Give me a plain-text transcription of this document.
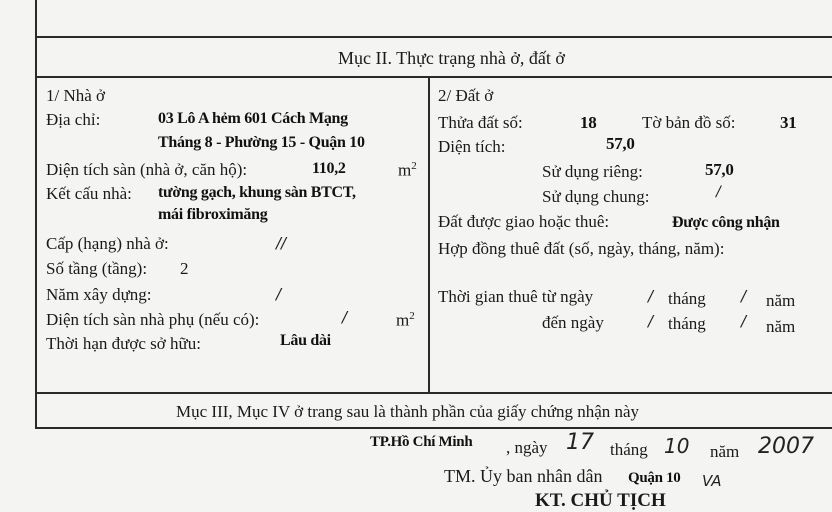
Mục II. Thực trạng nhà ở, đất ở
1/ Nhà ở
Địa chỉ:	03 Lô A hẻm 601 Cách Mạng
Tháng 8 - Phường 15 - Quận 10
Diện tích sàn (nhà ở, căn hộ):	110,2	$m^2$
Kết cấu nhà: tường gạch, khung sàn BTCT,
mái fibroximăng
Cấp (hạng) nhà ở:	//
Số tầng (tầng): 2
Năm xây dựng:	/
Diện tích sàn nhà phụ (nếu có):	/	$m^2$
Thời hạn được sở hữu:	Lâu dài
2/ Đất ở
Thửa đất số:	18	Tờ bản đồ số:	31
Diện tích:	57,0
Sử dụng riêng:	57,0
Sử dụng chung:	/
Đất được giao hoặc thuê:	Được công nhận
Hợp đồng thuê đất (số, ngày, tháng, năm):
Thời gian thuê từ ngày	/ tháng / năm
đến ngày	/ tháng / năm
Mục III, Mục IV ở trang sau là thành phần của giấy chứng nhận này
TP.Hồ Chí Minh , ngày 17 tháng 10 năm 2007
TM. Ủy ban nhân dân Quận 10 VA
KT. CHỦ TỊCH
